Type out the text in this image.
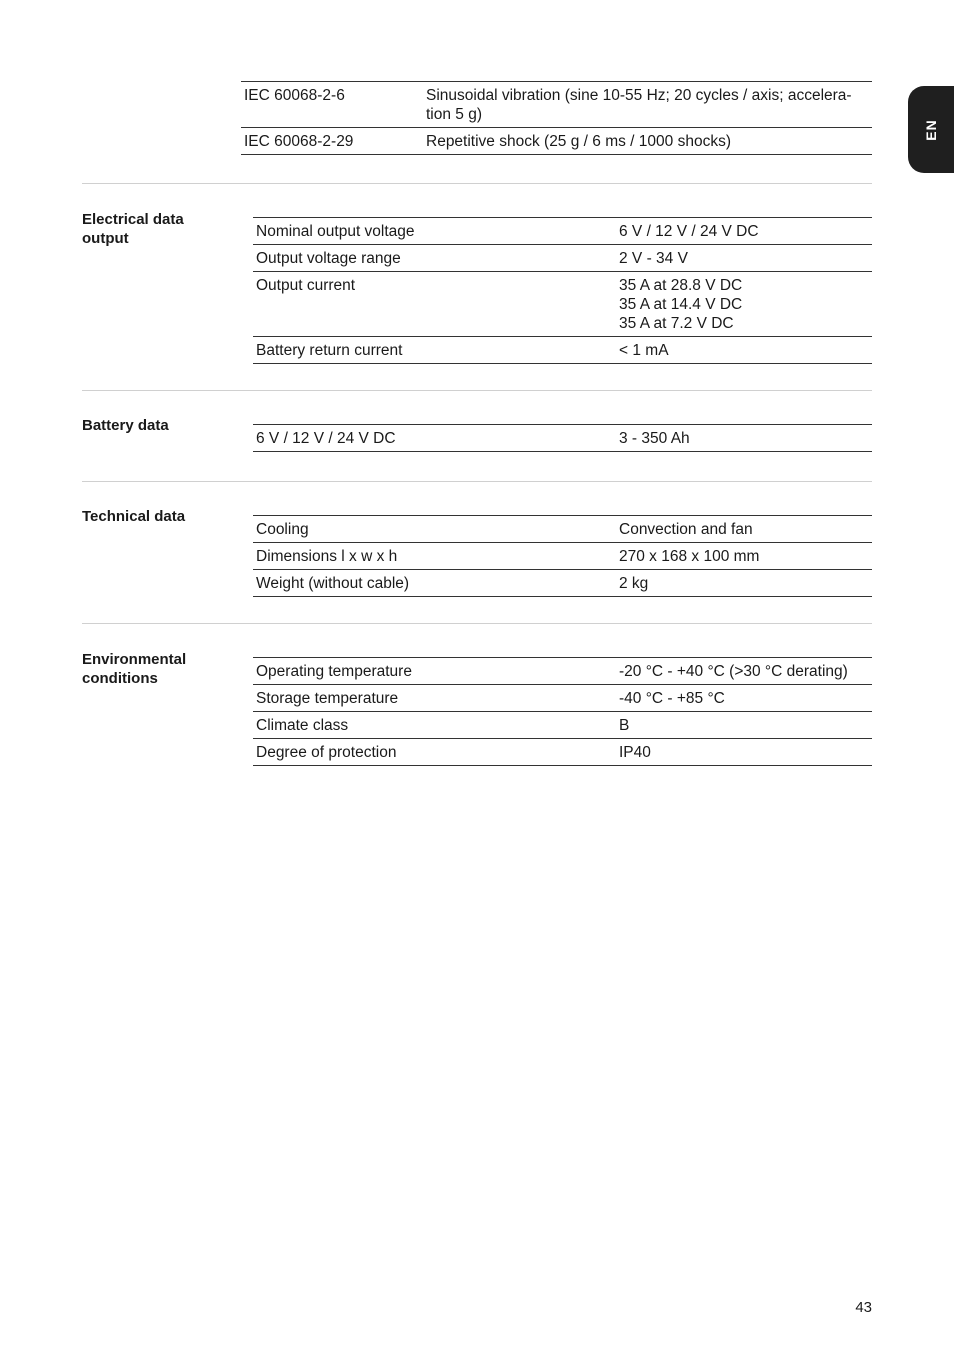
EN
IEC 60068-2-6	Sinusoidal vibration (sine 10-55 Hz; 20 cycles / axis; accelera-
tion 5 g)
IEC 60068-2-29	Repetitive shock (25 g / 6 ms / 1000 shocks)
Electrical data
output	Nominal output voltage	6 V / 12 V / 24 V DC
Output voltage range	2 V - 34 V
Output current	35 A at 28.8 V DC
35 A at 14.4 V DC
35 A at 7.2 V DC
Battery return current	< 1 mA
Battery data
6 V / 12 V / 24 V DC	3 - 350 Ah
Technical data
Cooling	Convection and fan
Dimensions l x w x h	270 x 168 x 100 mm
Weight (without cable)	2 kg
Environmental
conditions	Operating temperature	-20 °C - +40 °C (>30 °C derating)
Storage temperature	-40 °C - +85 °C
Climate class	B
Degree of protection	IP40
43
